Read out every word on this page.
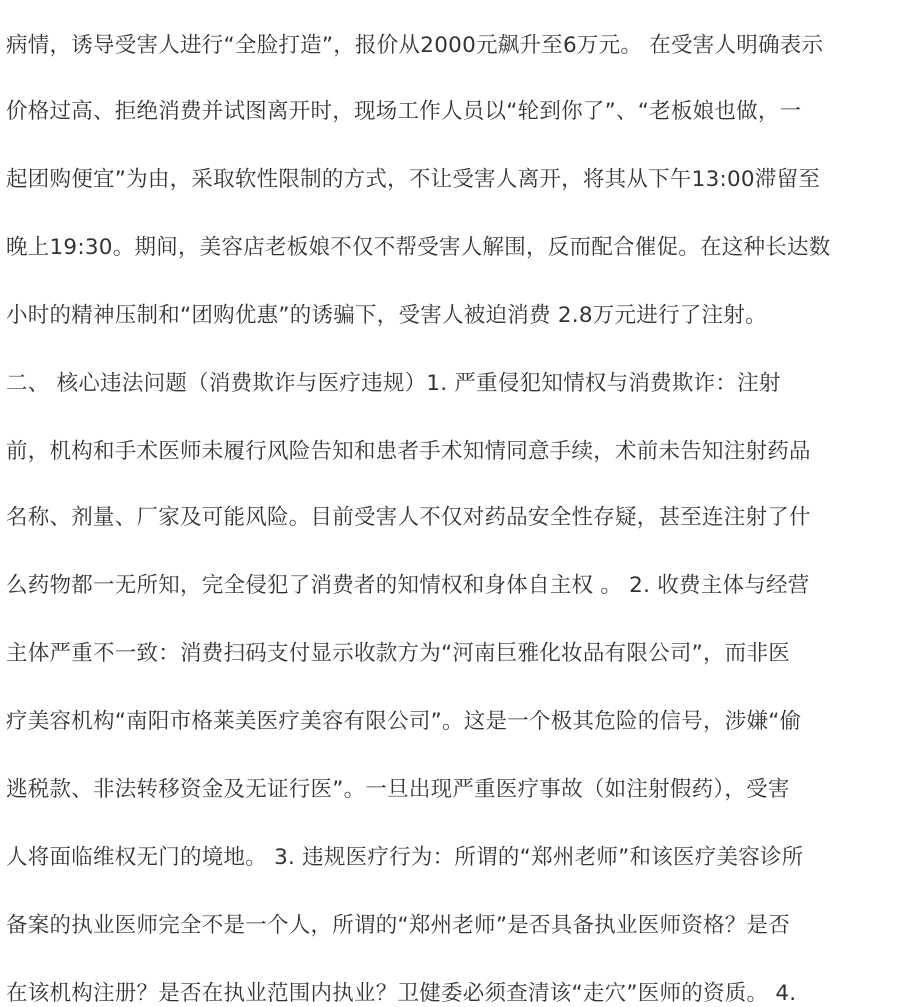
病情，诱导受害人进行“全脸打造”，报价从2000元飙升至6万元。 在受害人明确表示
价格过高、拒绝消费并试图离开时，现场工作人员以“轮到你了”、“老板娘也做，一
起团购便宜”为由，采取软性限制的方式，不让受害人离开，将其从下午13:00滞留至
晚上19:30。期间，美容店老板娘不仅不帮受害人解围，反而配合催促。在这种长达数
小时的精神压制和“团购优惠”的诱骗下，受害人被迫消费 2.8万元进行了注射。
二、 核心违法问题（消费欺诈与医疗违规）1. 严重侵犯知情权与消费欺诈：注射
前，机构和手术医师未履行风险告知和患者手术知情同意手续，术前未告知注射药品
名称、剂量、厂家及可能风险。目前受害人不仅对药品安全性存疑，甚至连注射了什
么药物都一无所知，完全侵犯了消费者的知情权和身体自主权 。 2. 收费主体与经营
主体严重不一致：消费扫码支付显示收款方为“河南巨雅化妆品有限公司”，而非医
疗美容机构“南阳市格莱美医疗美容有限公司”。这是一个极其危险的信号，涉嫌“偷
逃税款、非法转移资金及无证行医”。一旦出现严重医疗事故（如注射假药），受害
人将面临维权无门的境地。 3. 违规医疗行为：所谓的“郑州老师”和该医疗美容诊所
备案的执业医师完全不是一个人，所谓的“郑州老师”是否具备执业医师资格？是否
在该机构注册？是否在执业范围内执业？卫健委必须查清该“走穴”医师的资质。 4.
